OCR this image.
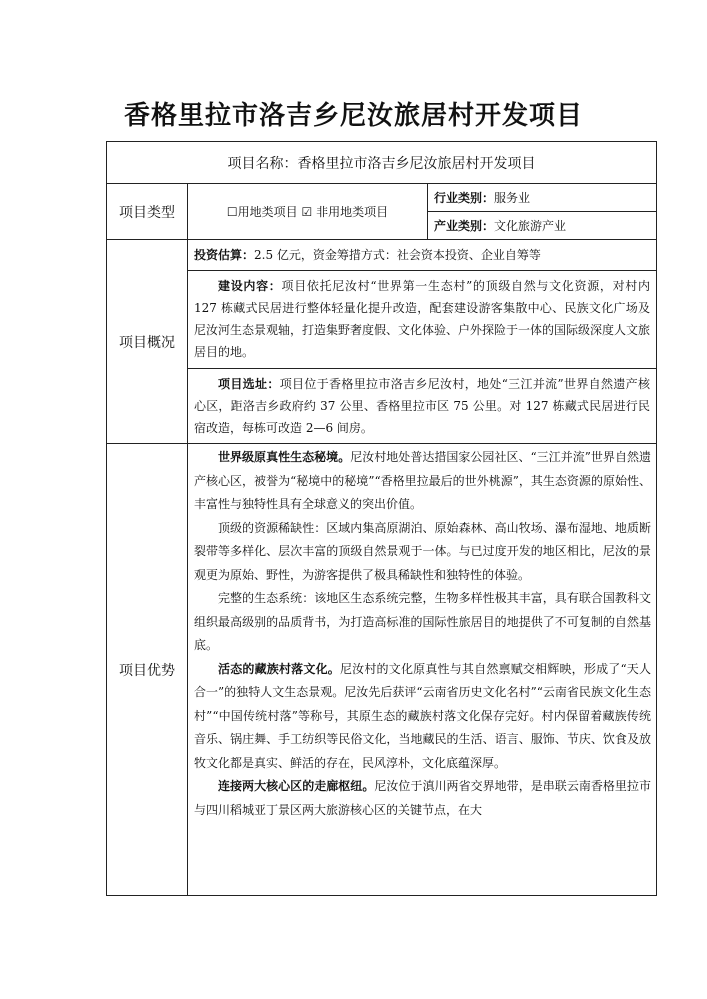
香格里拉市洛吉乡尼汝旅居村开发项目
项目名称：香格里拉市洛吉乡尼汝旅居村开发项目		
项目类型	☐用地类项目 ☑ 非用地类项目	行业类别：服务业
		产业类别：文化旅游产业
项目概况	投资估算：2.5 亿元，资金筹措方式：社会资本投资、企业自筹等	

	建设内容：项目依托尼汝村“世界第一生态村”的顶级自然与文化资源，对村内 127 栋藏式民居进行整体轻量化提升改造，配套建设游客集散中心、民族文化广场及尼汝河生态景观轴，打造集野奢度假、文化体验、户外探险于一体的国际级深度人文旅居目的地。	

	项目选址：项目位于香格里拉市洛吉乡尼汝村，地处“三江并流”世界自然遗产核心区，距洛吉乡政府约 37 公里、香格里拉市区 75 公里。对 127 栋藏式民居进行民宿改造，每栋可改造 2—6 间房。	

项目优势	世界级原真性生态秘境。尼汝村地处普达措国家公园社区、“三江并流”世界自然遗产核心区，被誉为“秘境中的秘境”“香格里拉最后的世外桃源”，其生态资源的原始性、丰富性与独特性具有全球意义的突出价值。

顶级的资源稀缺性：区域内集高原湖泊、原始森林、高山牧场、瀑布湿地、地质断裂带等多样化、层次丰富的顶级自然景观于一体。与已过度开发的地区相比，尼汝的景观更为原始、野性，为游客提供了极具稀缺性和独特性的体验。

完整的生态系统：该地区生态系统完整，生物多样性极其丰富，具有联合国教科文组织最高级别的品质背书，为打造高标准的国际性旅居目的地提供了不可复制的自然基底。

活态的藏族村落文化。尼汝村的文化原真性与其自然禀赋交相辉映，形成了“天人合一”的独特人文生态景观。尼汝先后获评“云南省历史文化名村”“云南省民族文化生态村”“中国传统村落”等称号，其原生态的藏族村落文化保存完好。村内保留着藏族传统音乐、锅庄舞、手工纺织等民俗文化，当地藏民的生活、语言、服饰、节庆、饮食及放牧文化都是真实、鲜活的存在，民风淳朴，文化底蕴深厚。

连接两大核心区的走廊枢纽。尼汝位于滇川两省交界地带，是串联云南香格里拉市与四川稻城亚丁景区两大旅游核心区的关键节点，在大	
